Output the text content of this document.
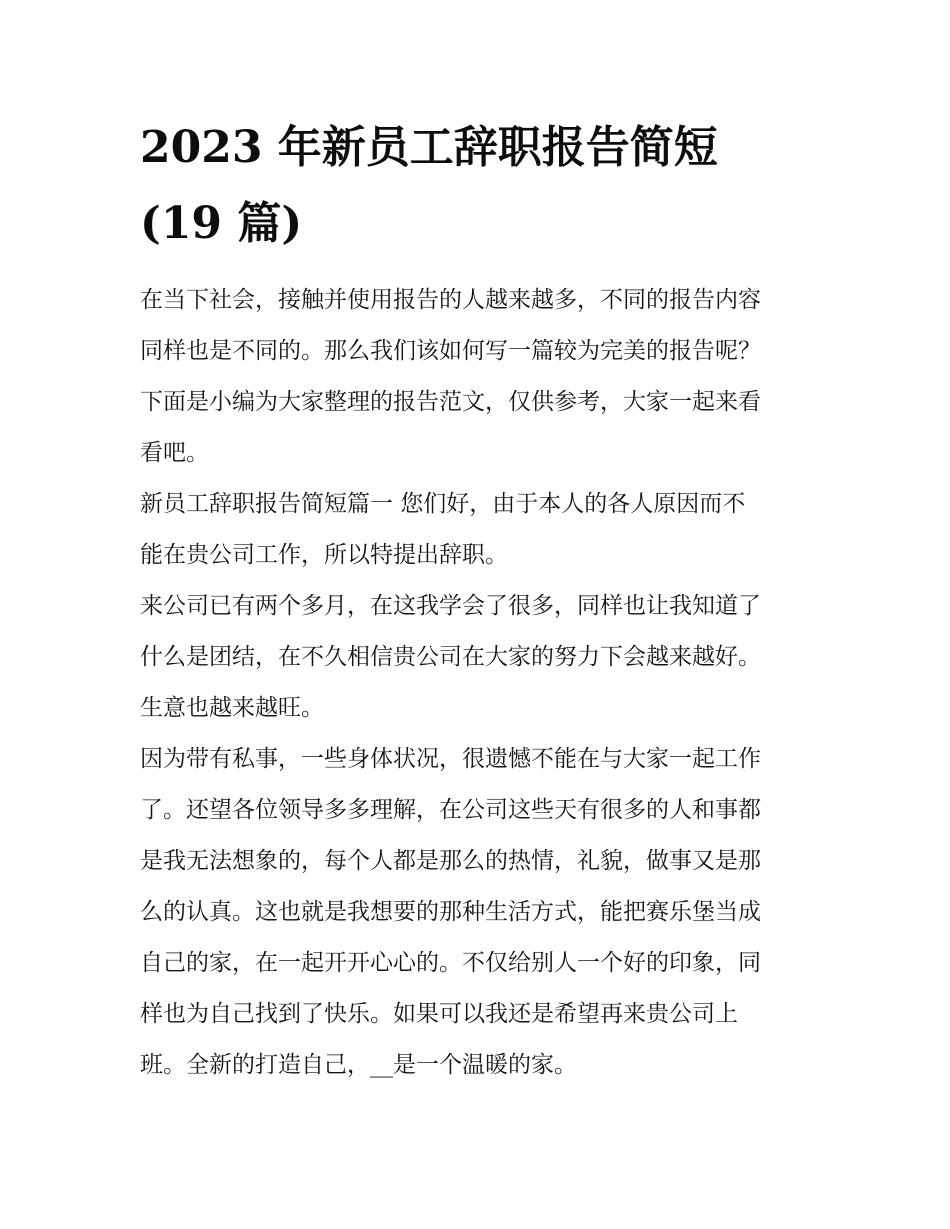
2023 年新员工辞职报告简短
(19 篇)
在当下社会，接触并使用报告的人越来越多，不同的报告内容
同样也是不同的。那么我们该如何写一篇较为完美的报告呢？
下面是小编为大家整理的报告范文，仅供参考，大家一起来看
看吧。
新员工辞职报告简短篇一 您们好，由于本人的各人原因而不
能在贵公司工作，所以特提出辞职。
来公司已有两个多月，在这我学会了很多，同样也让我知道了
什么是团结，在不久相信贵公司在大家的努力下会越来越好。
生意也越来越旺。
因为带有私事，一些身体状况，很遗憾不能在与大家一起工作
了。还望各位领导多多理解，在公司这些天有很多的人和事都
是我无法想象的，每个人都是那么的热情，礼貌，做事又是那
么的认真。这也就是我想要的那种生活方式，能把赛乐堡当成
自己的家，在一起开开心心的。不仅给别人一个好的印象，同
样也为自己找到了快乐。如果可以我还是希望再来贵公司上
班。全新的打造自己，__是一个温暖的家。
